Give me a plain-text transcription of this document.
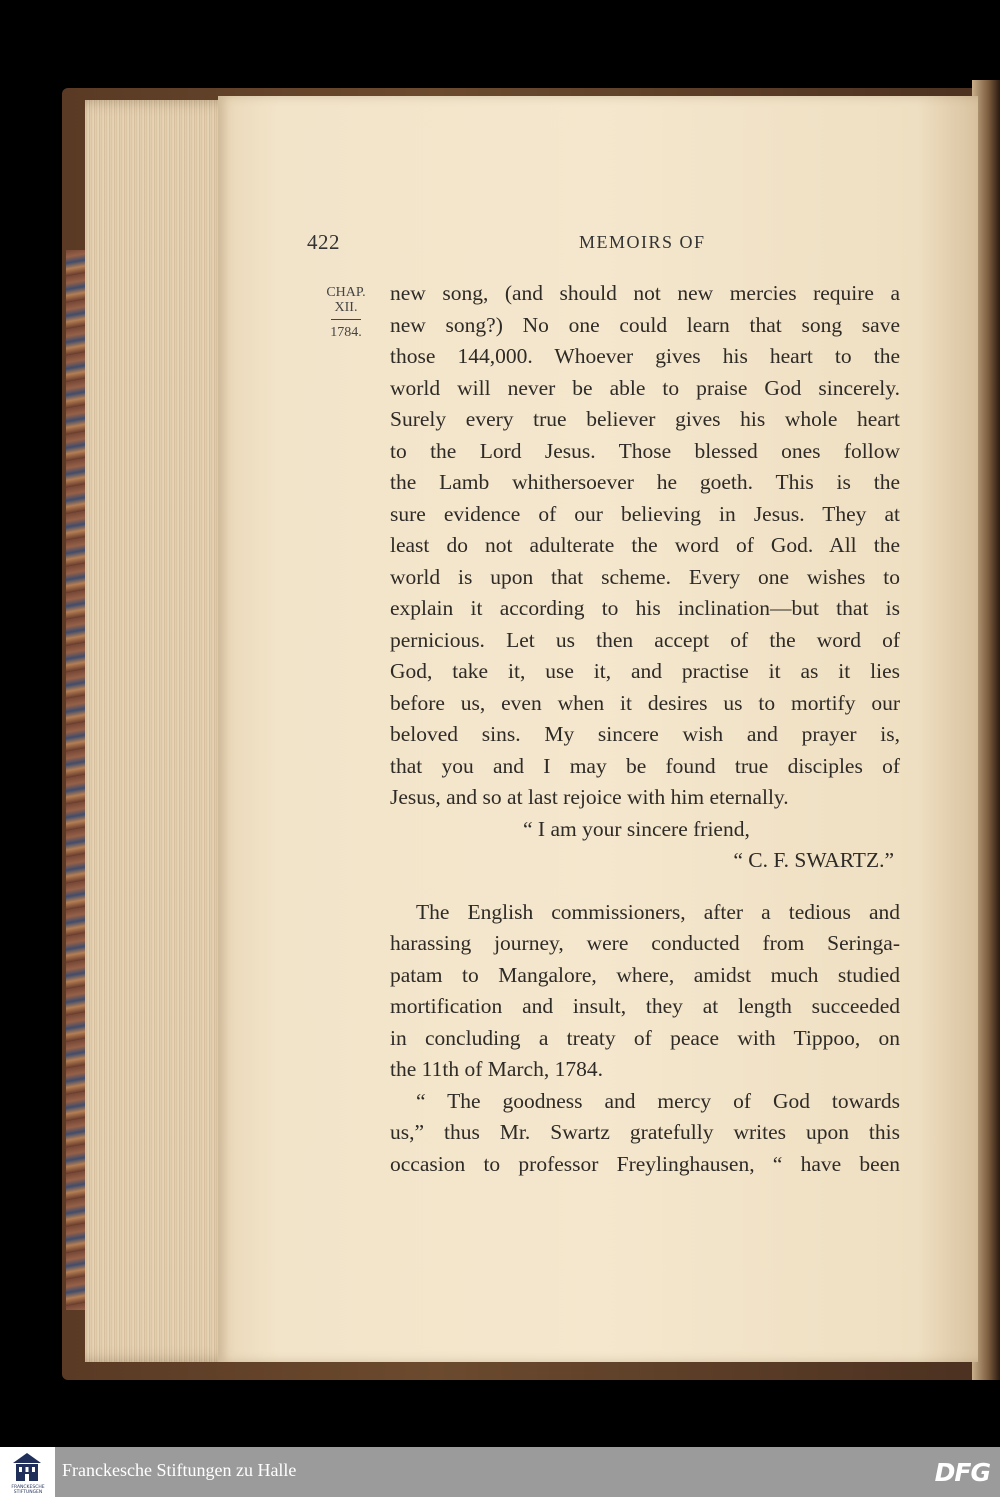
422	MEMOIRS OF
CHAP.
XII.
1784.
new song, (and should not new mercies require a
new song?) No one could learn that song save
those 144,000. Whoever gives his heart to the
world will never be able to praise God sincerely.
Surely every true believer gives his whole heart
to the Lord Jesus. Those blessed ones follow
the Lamb whithersoever he goeth. This is the
sure evidence of our believing in Jesus. They at
least do not adulterate the word of God. All the
world is upon that scheme. Every one wishes to
explain it according to his inclination—but that is
pernicious. Let us then accept of the word of
God, take it, use it, and practise it as it lies
before us, even when it desires us to mortify our
beloved sins. My sincere wish and prayer is,
that you and I may be found true disciples of
Jesus, and so at last rejoice with him eternally.
“ I am your sincere friend,
“ C. F. SWARTZ.”
The English commissioners, after a tedious and
harassing journey, were conducted from Seringa-
patam to Mangalore, where, amidst much studied
mortification and insult, they at length succeeded
in concluding a treaty of peace with Tippoo, on
the 11th of March, 1784.
“ The goodness and mercy of God towards
us,” thus Mr. Swartz gratefully writes upon this
occasion to professor Freylinghausen, “ have been
FRANCKESCHE STIFTUNGEN
Franckesche Stiftungen zu Halle	DFG
